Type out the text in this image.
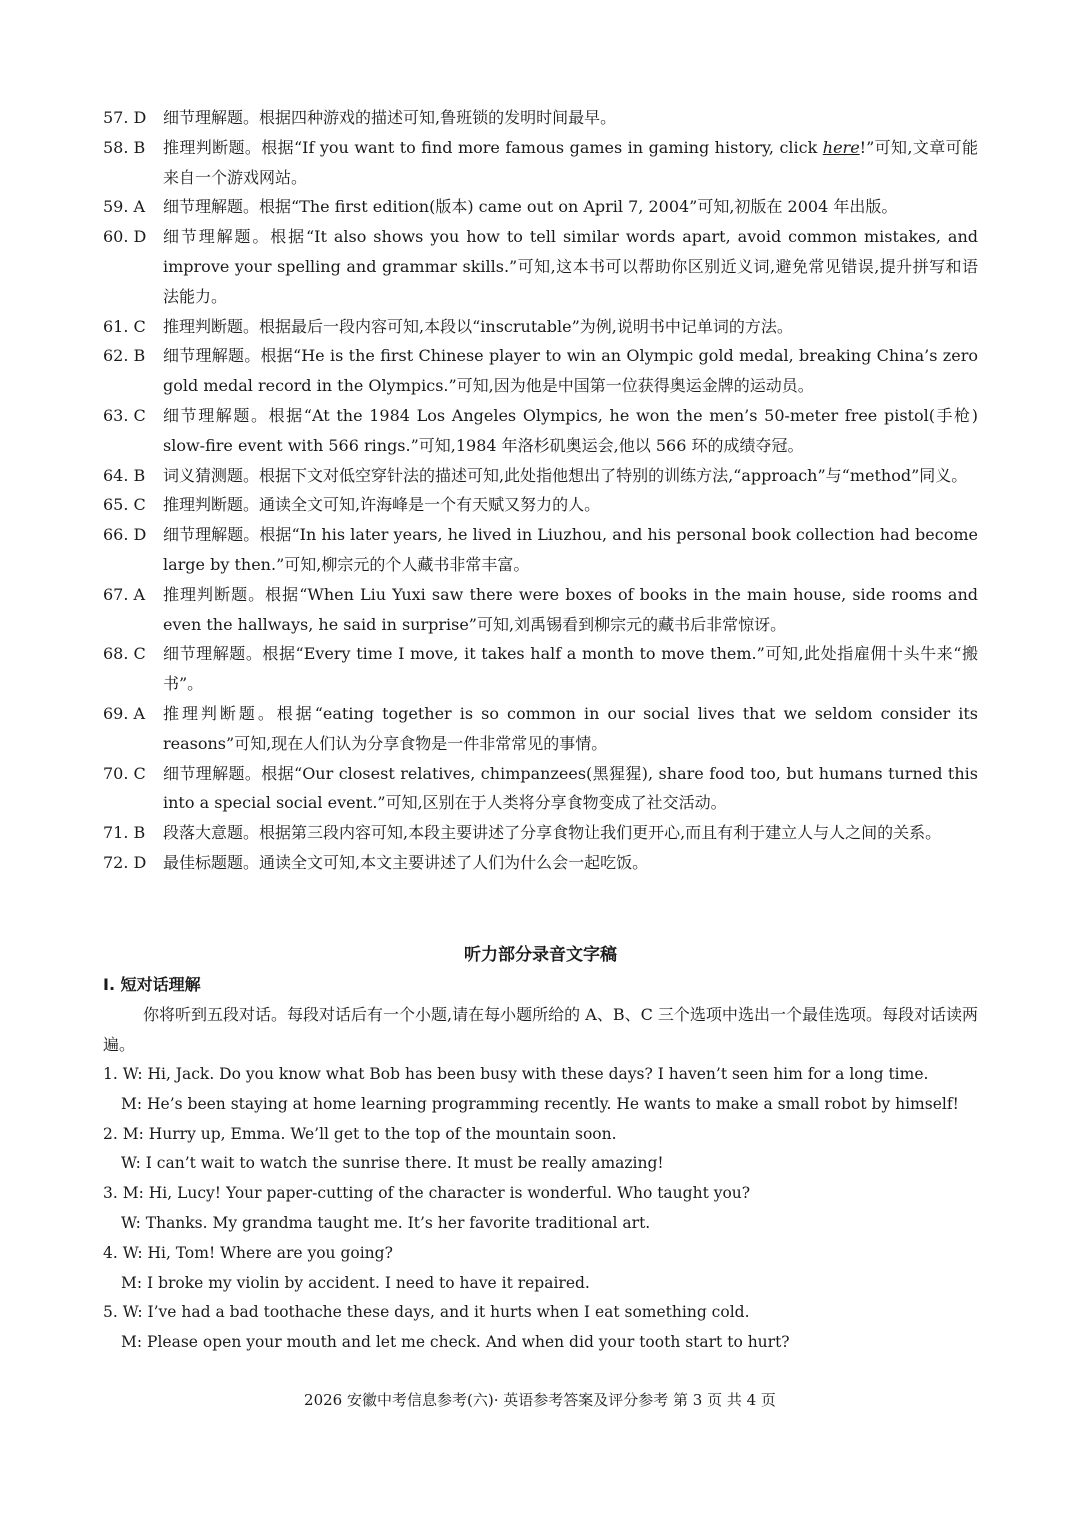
57. D	细节理解题。根据四种游戏的描述可知,鲁班锁的发明时间最早。
58. B	推理判断题。根据“If you want to find more famous games in gaming history, click here!”可知,文章可能来自一个游戏网站。
59. A	细节理解题。根据“The first edition(版本) came out on April 7, 2004”可知,初版在 2004 年出版。
60. D	细节理解题。根据“It also shows you how to tell similar words apart, avoid common mistakes, and improve your spelling and grammar skills.”可知,这本书可以帮助你区别近义词,避免常见错误,提升拼写和语法能力。
61. C	推理判断题。根据最后一段内容可知,本段以“inscrutable”为例,说明书中记单词的方法。
62. B	细节理解题。根据“He is the first Chinese player to win an Olympic gold medal, breaking China’s zero gold medal record in the Olympics.”可知,因为他是中国第一位获得奥运金牌的运动员。
63. C	细节理解题。根据“At the 1984 Los Angeles Olympics, he won the men’s 50-meter free pistol(手枪) slow-fire event with 566 rings.”可知,1984 年洛杉矶奥运会,他以 566 环的成绩夺冠。
64. B	词义猜测题。根据下文对低空穿针法的描述可知,此处指他想出了特别的训练方法,“approach”与“method”同义。
65. C	推理判断题。通读全文可知,许海峰是一个有天赋又努力的人。
66. D	细节理解题。根据“In his later years, he lived in Liuzhou, and his personal book collection had become large by then.”可知,柳宗元的个人藏书非常丰富。
67. A	推理判断题。根据“When Liu Yuxi saw there were boxes of books in the main house, side rooms and even the hallways, he said in surprise”可知,刘禹锡看到柳宗元的藏书后非常惊讶。
68. C	细节理解题。根据“Every time I move, it takes half a month to move them.”可知,此处指雇佣十头牛来“搬书”。
69. A	推理判断题。根据“eating together is so common in our social lives that we seldom consider its reasons”可知,现在人们认为分享食物是一件非常常见的事情。
70. C	细节理解题。根据“Our closest relatives, chimpanzees(黑猩猩), share food too, but humans turned this into a special social event.”可知,区别在于人类将分享食物变成了社交活动。
71. B	段落大意题。根据第三段内容可知,本段主要讲述了分享食物让我们更开心,而且有利于建立人与人之间的关系。
72. D	最佳标题题。通读全文可知,本文主要讲述了人们为什么会一起吃饭。
听力部分录音文字稿
Ⅰ. 短对话理解
你将听到五段对话。每段对话后有一个小题,请在每小题所给的 A、B、C 三个选项中选出一个最佳选项。每段对话读两遍。
1. W: Hi, Jack. Do you know what Bob has been busy with these days? I haven’t seen him for a long time.
M: He’s been staying at home learning programming recently. He wants to make a small robot by himself!
2. M: Hurry up, Emma. We’ll get to the top of the mountain soon.
W: I can’t wait to watch the sunrise there. It must be really amazing!
3. M: Hi, Lucy! Your paper-cutting of the character is wonderful. Who taught you?
W: Thanks. My grandma taught me. It’s her favorite traditional art.
4. W: Hi, Tom! Where are you going?
M: I broke my violin by accident. I need to have it repaired.
5. W: I’ve had a bad toothache these days, and it hurts when I eat something cold.
M: Please open your mouth and let me check. And when did your tooth start to hurt?
2026 安徽中考信息参考(六)· 英语参考答案及评分参考 第 3 页 共 4 页
